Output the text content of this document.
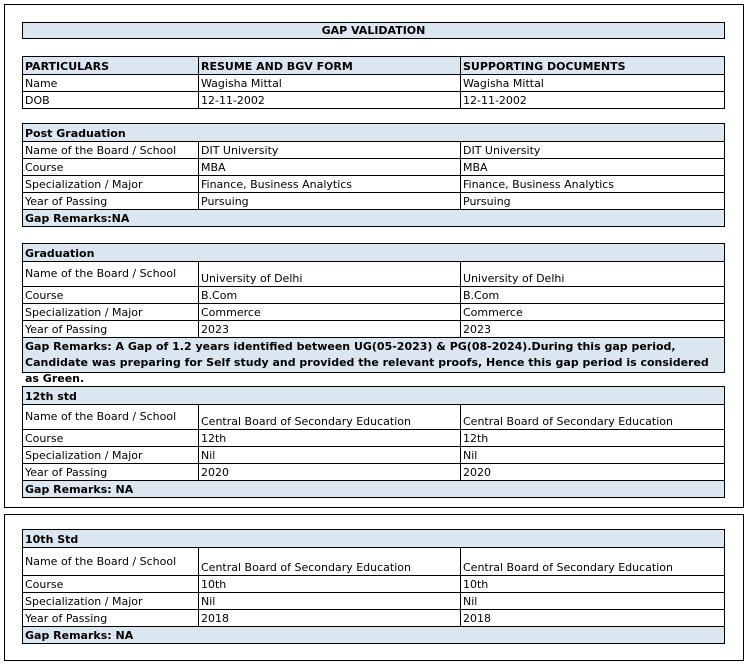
GAP VALIDATION
PARTICULARS	RESUME AND BGV FORM	SUPPORTING DOCUMENTS
Name	Wagisha Mittal	Wagisha Mittal
DOB	12-11-2002	12-11-2002
Post Graduation
Name of the Board / School	DIT University	DIT University
Course	MBA	MBA
Specialization / Major	Finance, Business Analytics	Finance, Business Analytics
Year of Passing	Pursuing	Pursuing
Gap Remarks:NA
Graduation
Name of the Board / School	University of Delhi	University of Delhi
Course	B.Com	B.Com
Specialization / Major	Commerce	Commerce
Year of Passing	2023	2023
Gap Remarks: A Gap of 1.2 years identified between UG(05-2023) & PG(08-2024).During this gap period, Candidate was preparing for Self study and provided the relevant proofs, Hence this gap period is considered as Green.
12th std
Name of the Board / School	Central Board of Secondary Education	Central Board of Secondary Education
Course	12th	12th
Specialization / Major	Nil	Nil
Year of Passing	2020	2020
Gap Remarks: NA
10th Std
Name of the Board / School	Central Board of Secondary Education	Central Board of Secondary Education
Course	10th	10th
Specialization / Major	Nil	Nil
Year of Passing	2018	2018
Gap Remarks: NA
